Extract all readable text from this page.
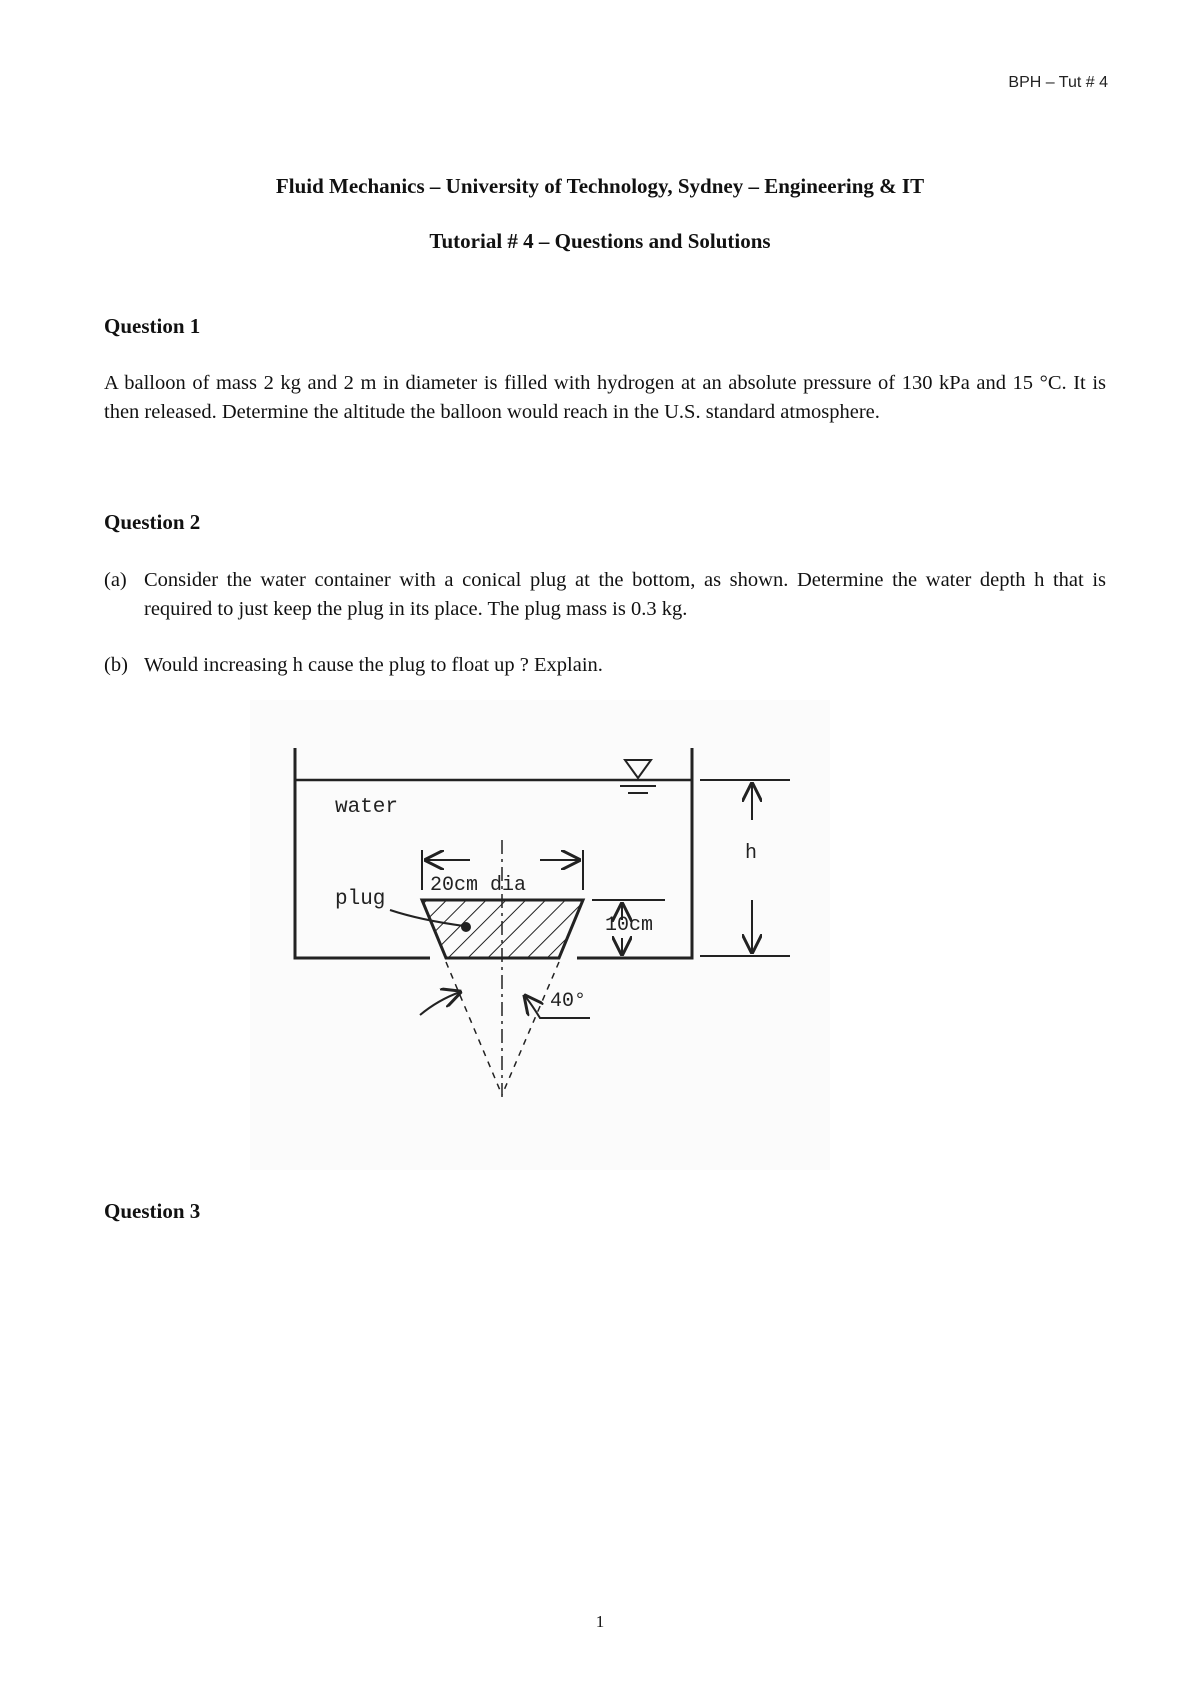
BPH – Tut # 4
Fluid Mechanics – University of Technology, Sydney – Engineering & IT
Tutorial # 4 – Questions and Solutions
Question 1
A balloon of mass 2 kg and 2 m in diameter is filled with hydrogen at an absolute pressure of 130 kPa and 15 °C. It is then released. Determine the altitude the balloon would reach in the U.S. standard atmosphere.
Question 2
(a) Consider the water container with a conical plug at the bottom, as shown. Determine the water depth h that is required to just keep the plug in its place. The plug mass is 0.3 kg.
(b) Would increasing h cause the plug to float up ? Explain.
h
water
plug
20cm dia
10cm
40°
Question 3
1
